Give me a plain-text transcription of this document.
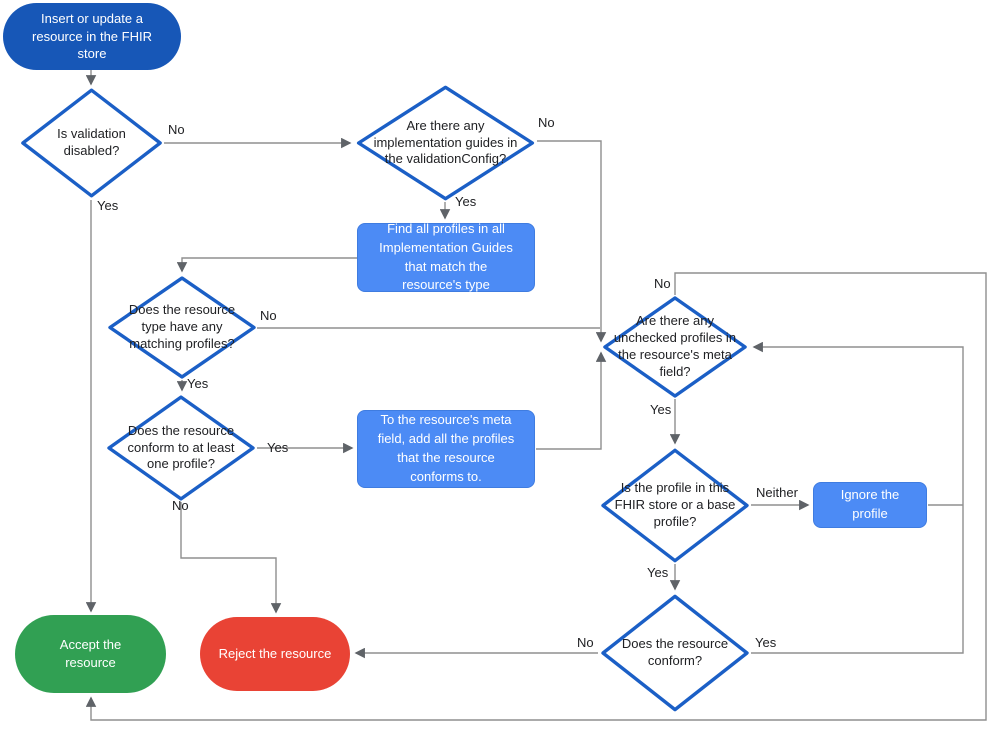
Insert or update a resource in the FHIR store
Accept the resource
Reject the resource
Is validation disabled?
Are there any implementation guides in the validationConfig?
Does the resource type have any matching profiles?
Does the resource conform to at least one profile?
Are there any unchecked profiles in the resource's meta field?
Is the profile in this FHIR store or a base profile?
Does the resource conform?
Find all profiles in all Implementation Guides that match the resource's type
To the resource's meta field, add all the profiles that the resource conforms to.
Ignore the profile
No
Yes
No
Yes
No
Yes
Yes
No
No
Yes
Neither
Yes
Yes
No
